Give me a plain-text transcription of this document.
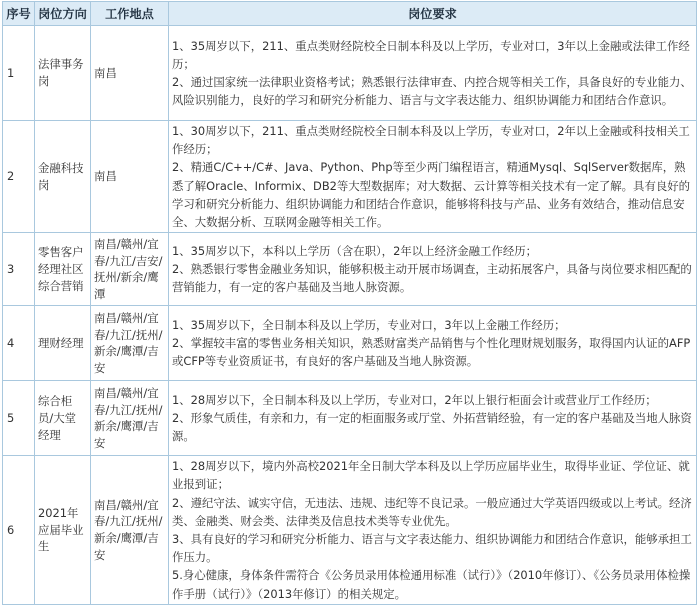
序号	岗位方向	工作地点	岗位要求
1	法律事务岗	南昌	1、35周岁以下，211、重点类财经院校全日制本科及以上学历，专业对口，3年以上金融或法律工作经历；
2、通过国家统一法律职业资格考试；熟悉银行法律审查、内控合规等相关工作，具备良好的专业能力、风险识别能力，良好的学习和研究分析能力、语言与文字表达能力、组织协调能力和团结合作意识。

2	金融科技岗	南昌	1、30周岁以下，211、重点类财经院校全日制本科及以上学历，专业对口，2年以上金融或科技相关工作经历；
2、精通C/C++/C#、Java、Python、Php等至少两门编程语言，精通Mysql、SqlServer数据库，熟悉了解Oracle、Informix、DB2等大型数据库；对大数据、云计算等相关技术有一定了解。具有良好的学习和研究分析能力、组织协调能力和团结合作意识，能够将科技与产品、业务有效结合，推动信息安全、大数据分析、互联网金融等相关工作。

3	零售客户经理社区综合营销	南昌/赣州/宜春/九江/吉安/抚州/新余/鹰潭	1、35周岁以下，本科以上学历（含在职），2年以上经济金融工作经历；
2、熟悉银行零售金融业务知识，能够积极主动开展市场调查，主动拓展客户，具备与岗位要求相匹配的营销能力，有一定的客户基础及当地人脉资源。

4	理财经理	南昌/赣州/宜春/九江/抚州/新余/鹰潭/吉安	1、35周岁以下，全日制本科及以上学历，专业对口，3年以上金融工作经历；
2、掌握较丰富的零售业务相关知识，熟悉财富类产品销售与个性化理财规划服务，取得国内认证的AFP或CFP等专业资质证书，有良好的客户基础及当地人脉资源。

5	综合柜员/大堂经理	南昌/赣州/宜春/九江/抚州/新余/鹰潭/吉安	1、28周岁以下，全日制本科及以上学历，专业对口，2年以上银行柜面会计或营业厅工作经历；
2、形象气质佳，有亲和力，有一定的柜面服务或厅堂、外拓营销经验，有一定的客户基础及当地人脉资源。

6	2021年应届毕业生	南昌/赣州/宜春/九江/抚州/新余/鹰潭/吉安	1、28周岁以下，境内外高校2021年全日制大学本科及以上学历应届毕业生，取得毕业证、学位证、就业报到证；
2、遵纪守法、诚实守信，无违法、违规、违纪等不良记录。一般应通过大学英语四级或以上考试。经济类、金融类、财会类、法律类及信息技术类等专业优先。
3、具有良好的学习和研究分析能力、语言与文字表达能力、组织协调能力和团结合作意识，能够承担工作压力。
5.身心健康，身体条件需符合《公务员录用体检通用标准（试行）》（2010年修订）、《公务员录用体检操作手册（试行）》（2013年修订）的相关规定。
